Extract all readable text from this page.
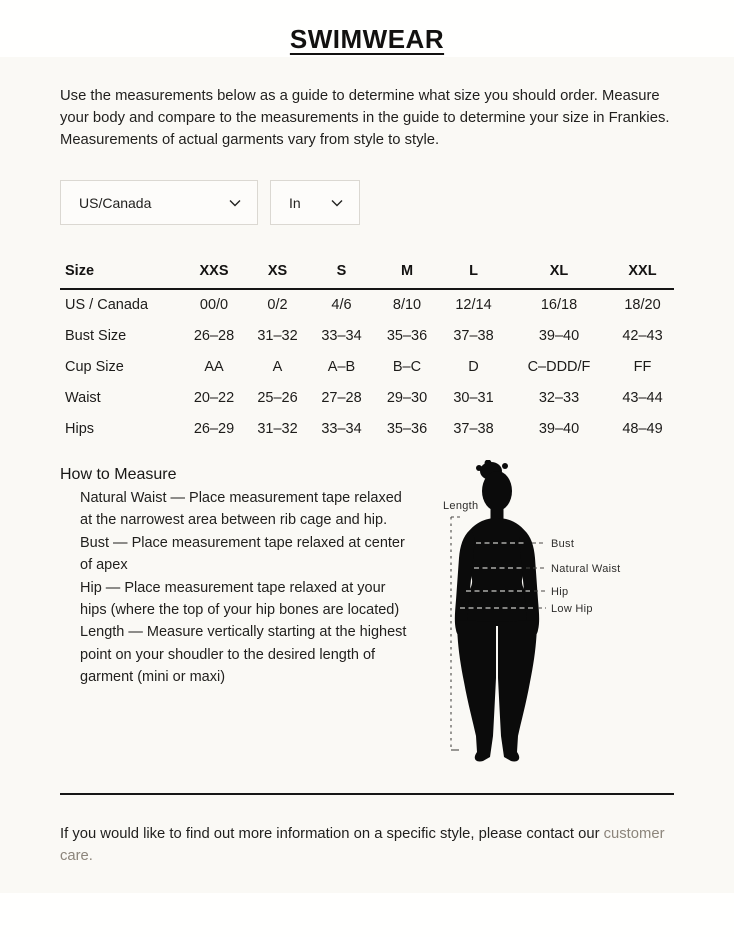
SWIMWEAR

Use the measurements below as a guide to determine what size you should order. Measure your body and compare to the measurements in the guide to determine your size in Frankies. Measurements of actual garments vary from style to style.

US/Canada	In
Size	XXS	XS	S	M	L	XL	XXL
US / Canada	00/0	0/2	4/6	8/10	12/14	16/18	18/20
Bust Size	26–28	31–32	33–34	35–36	37–38	39–40	42–43
Cup Size	AA	A	A–B	B–C	D	C–DDD/F	FF
Waist	20–22	25–26	27–28	29–30	30–31	32–33	43–44
Hips	26–29	31–32	33–34	35–36	37–38	39–40	48–49
How to Measure

Natural Waist — Place measurement tape relaxed at the narrowest area between rib cage and hip.

Bust — Place measurement tape relaxed at center of apex

Hip — Place measurement tape relaxed at your hips (where the top of your hip bones are located)

Length — Measure vertically starting at the highest point on your shoudler to the desired length of garment (mini or maxi)

Length
Bust
Natural Waist
Hip
Low Hip

If you would like to find out more information on a specific style, please contact our customer care.
